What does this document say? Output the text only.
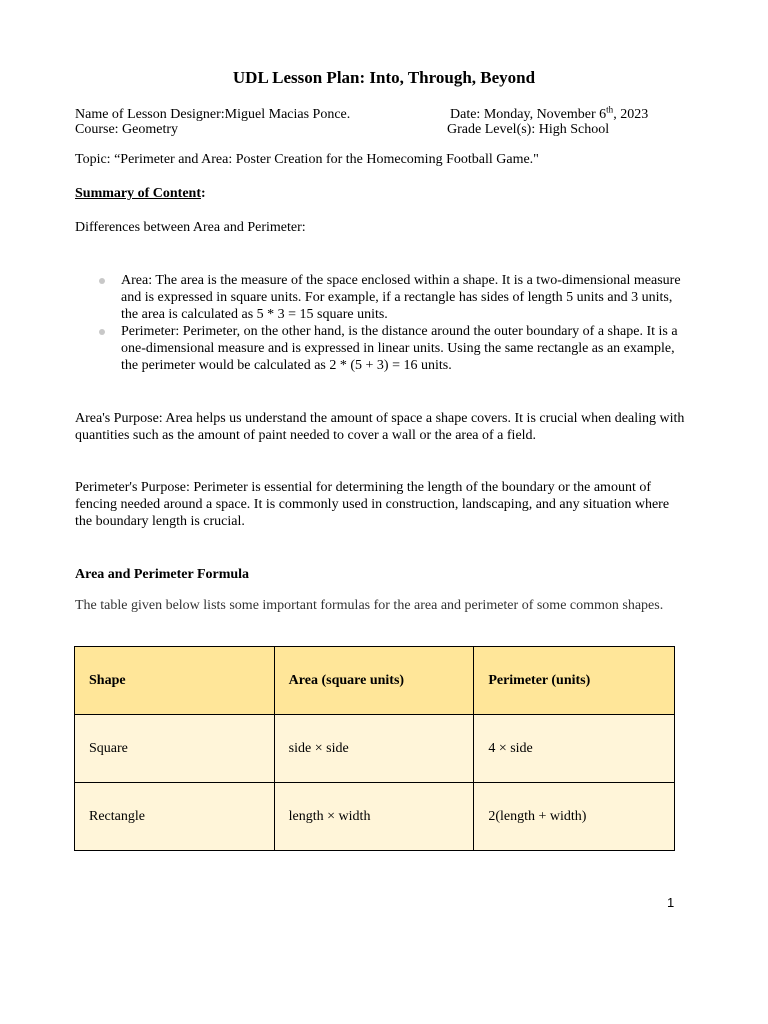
UDL Lesson Plan: Into, Through, Beyond
Name of Lesson Designer:Miguel Macias Ponce.	Date: Monday, November 6th, 2023
Course: Geometry	Grade Level(s): High School
Topic: “Perimeter and Area: Poster Creation for the Homecoming Football Game."
Summary of Content:
Differences between Area and Perimeter:
Area: The area is the measure of the space enclosed within a shape. It is a two-dimensional measure and is expressed in square units. For example, if a rectangle has sides of length 5 units and 3 units, the area is calculated as 5 * 3 = 15 square units.
Perimeter: Perimeter, on the other hand, is the distance around the outer boundary of a shape. It is a one-dimensional measure and is expressed in linear units. Using the same rectangle as an example, the perimeter would be calculated as 2 * (5 + 3) = 16 units.

Area's Purpose: Area helps us understand the amount of space a shape covers. It is crucial when dealing with quantities such as the amount of paint needed to cover a wall or the area of a field.

Perimeter's Purpose: Perimeter is essential for determining the length of the boundary or the amount of fencing needed around a space. It is commonly used in construction, landscaping, and any situation where the boundary length is crucial.

Area and Perimeter Formula

The table given below lists some important formulas for the area and perimeter of some common shapes.

Shape	Area (square units)	Perimeter (units)
Square	side × side	4 × side
Rectangle	length × width	2(length + width)
1
